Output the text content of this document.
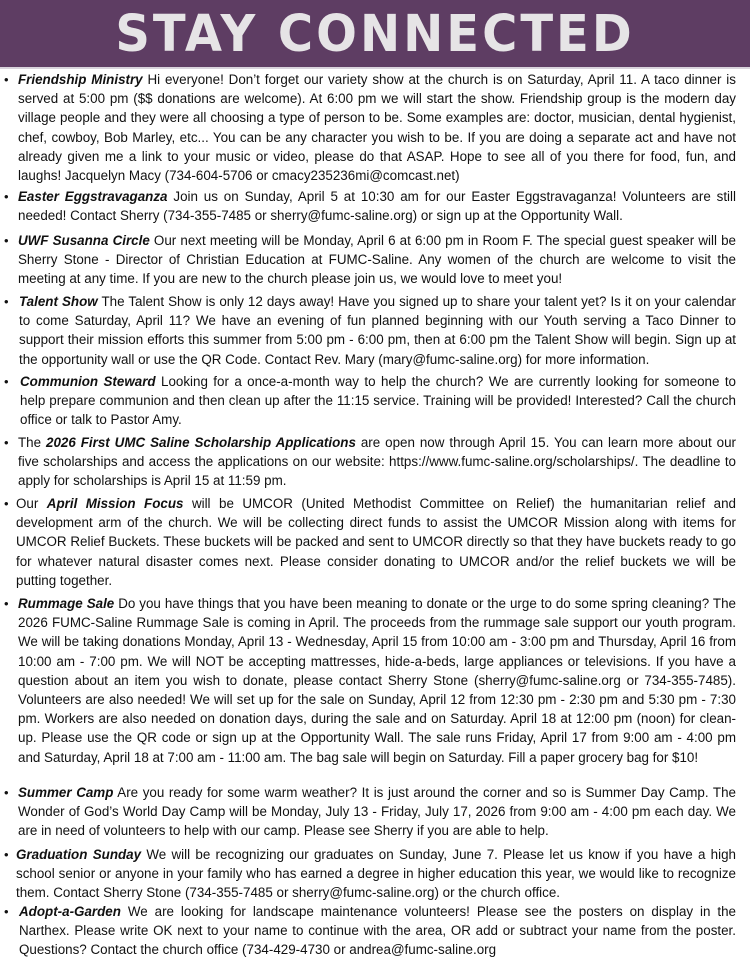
STAY CONNECTED
• Friendship Ministry Hi everyone! Don’t forget our variety show at the church is on Saturday, April 11. A taco dinner is served at 5:00 pm ($$ donations are welcome). At 6:00 pm we will start the show. Friendship group is the modern day village people and they were all choosing a type of person to be. Some examples are: doctor, musician, dental hygienist, chef, cowboy, Bob Marley, etc... You can be any character you wish to be. If you are doing a separate act and have not already given me a link to your music or video, please do that ASAP. Hope to see all of you there for food, fun, and laughs! Jacquelyn Macy (734-604-5706 or cmacy235236mi@comcast.net)
• Easter Eggstravaganza Join us on Sunday, April 5 at 10:30 am for our Easter Eggstravaganza! Volunteers are still needed! Contact Sherry (734-355-7485 or sherry@fumc-saline.org) or sign up at the Opportunity Wall.
• UWF Susanna Circle Our next meeting will be Monday, April 6 at 6:00 pm in Room F. The special guest speaker will be Sherry Stone - Director of Christian Education at FUMC-Saline. Any women of the church are welcome to visit the meeting at any time. If you are new to the church please join us, we would love to meet you!
• Talent Show The Talent Show is only 12 days away! Have you signed up to share your talent yet? Is it on your calendar to come Saturday, April 11? We have an evening of fun planned beginning with our Youth serving a Taco Dinner to support their mission efforts this summer from 5:00 pm - 6:00 pm, then at 6:00 pm the Talent Show will begin. Sign up at the opportunity wall or use the QR Code. Contact Rev. Mary (mary@fumc-saline.org) for more information.
• Communion Steward Looking for a once-a-month way to help the church? We are currently looking for someone to help prepare communion and then clean up after the 11:15 service. Training will be provided! Interested? Call the church office or talk to Pastor Amy.
• The 2026 First UMC Saline Scholarship Applications are open now through April 15. You can learn more about our five scholarships and access the applications on our website: https://www.fumc-saline.org/scholarships/. The deadline to apply for scholarships is April 15 at 11:59 pm.
• Our April Mission Focus will be UMCOR (United Methodist Committee on Relief) the humanitarian relief and development arm of the church. We will be collecting direct funds to assist the UMCOR Mission along with items for UMCOR Relief Buckets. These buckets will be packed and sent to UMCOR directly so that they have buckets ready to go for whatever natural disaster comes next. Please consider donating to UMCOR and/or the relief buckets we will be putting together.
• Rummage Sale Do you have things that you have been meaning to donate or the urge to do some spring cleaning? The 2026 FUMC-Saline Rummage Sale is coming in April. The proceeds from the rummage sale support our youth program. We will be taking donations Monday, April 13 - Wednesday, April 15 from 10:00 am - 3:00 pm and Thursday, April 16 from 10:00 am - 7:00 pm. We will NOT be accepting mattresses, hide-a-beds, large appliances or televisions. If you have a question about an item you wish to donate, please contact Sherry Stone (sherry@fumc-saline.org or 734-355-7485). Volunteers are also needed! We will set up for the sale on Sunday, April 12 from 12:30 pm - 2:30 pm and 5:30 pm - 7:30 pm. Workers are also needed on donation days, during the sale and on Saturday. April 18 at 12:00 pm (noon) for clean-up. Please use the QR code or sign up at the Opportunity Wall. The sale runs Friday, April 17 from 9:00 am - 4:00 pm and Saturday, April 18 at 7:00 am - 11:00 am. The bag sale will begin on Saturday. Fill a paper grocery bag for $10!
• Summer Camp Are you ready for some warm weather? It is just around the corner and so is Summer Day Camp. The Wonder of God’s World Day Camp will be Monday, July 13 - Friday, July 17, 2026 from 9:00 am - 4:00 pm each day. We are in need of volunteers to help with our camp. Please see Sherry if you are able to help.
• Graduation Sunday We will be recognizing our graduates on Sunday, June 7. Please let us know if you have a high school senior or anyone in your family who has earned a degree in higher education this year, we would like to recognize them. Contact Sherry Stone (734-355-7485 or sherry@fumc-saline.org) or the church office.
• Adopt-a-Garden We are looking for landscape maintenance volunteers! Please see the posters on display in the Narthex. Please write OK next to your name to continue with the area, OR add or subtract your name from the poster. Questions? Contact the church office (734-429-4730 or andrea@fumc-saline.org
